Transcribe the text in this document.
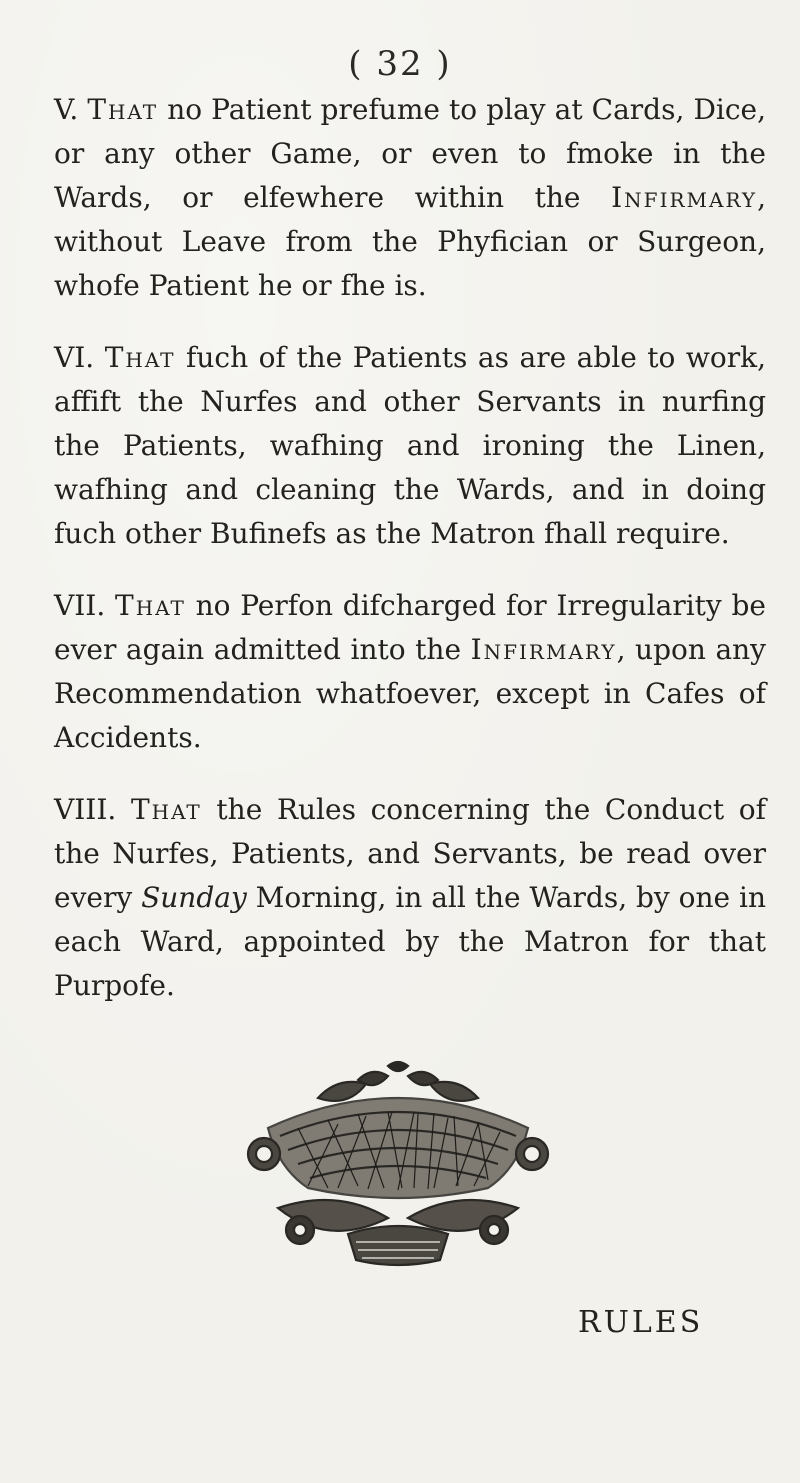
( 32 )

V. That no Patient prefume to play at Cards, Dice, or any other Game, or even to fmoke in the Wards, or elfewhere within the Infirmary, without Leave from the Phyfician or Surgeon, whofe Patient he or fhe is.

VI. That fuch of the Patients as are able to work, affift the Nurfes and other Servants in nurfing the Patients, wafhing and ironing the Linen, wafhing and cleaning the Wards, and in doing fuch other Bufinefs as the Matron fhall require.

VII. That no Perfon difcharged for Irregularity be ever again admitted into the Infirmary, upon any Recommendation whatfoever, except in Cafes of Accidents.

VIII. That the Rules concerning the Conduct of the Nurfes, Patients, and Servants, be read over every Sunday Morning, in all the Wards, by one in each Ward, appointed by the Matron for that Purpofe.

RULES
